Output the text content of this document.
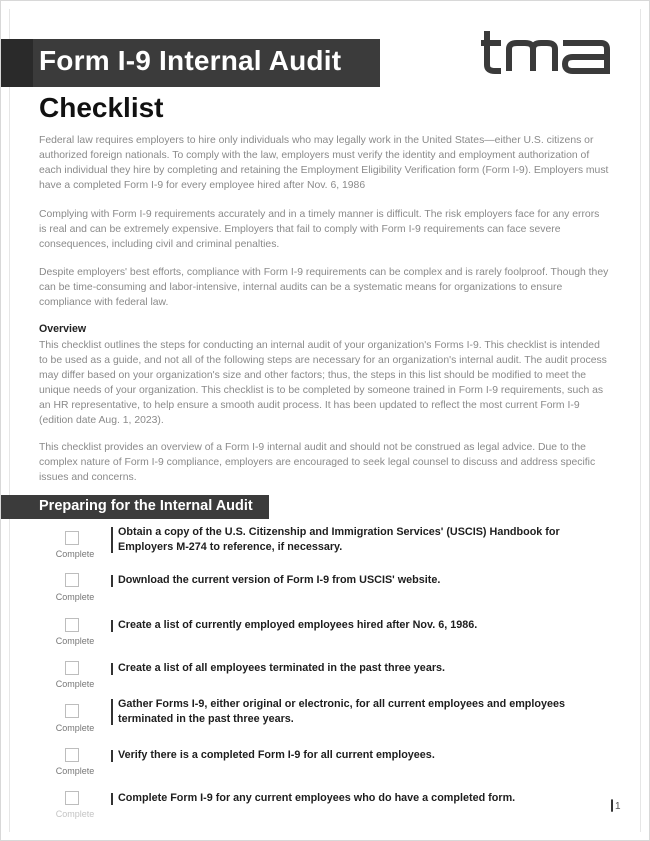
Form I-9 Internal Audit
Checklist
Federal law requires employers to hire only individuals who may legally work in the United States—either U.S. citizens or authorized foreign nationals. To comply with the law, employers must verify the identity and employment authorization of each individual they hire by completing and retaining the Employment Eligibility Verification form (Form I-9). Employers must have a completed Form I-9 for every employee hired after Nov. 6, 1986
Complying with Form I-9 requirements accurately and in a timely manner is difficult. The risk employers face for any errors is real and can be extremely expensive. Employers that fail to comply with Form I-9 requirements can face severe consequences, including civil and criminal penalties.
Despite employers' best efforts, compliance with Form I-9 requirements can be complex and is rarely foolproof. Though they can be time-consuming and labor-intensive, internal audits can be a systematic means for organizations to ensure compliance with federal law.
Overview
This checklist outlines the steps for conducting an internal audit of your organization's Forms I-9. This checklist is intended to be used as a guide, and not all of the following steps are necessary for an organization's internal audit. The audit process may differ based on your organization's size and other factors; thus, the steps in this list should be modified to meet the unique needs of your organization. This checklist is to be completed by someone trained in Form I-9 requirements, such as an HR representative, to help ensure a smooth audit process. It has been updated to reflect the most current Form I-9 (edition date Aug. 1, 2023).
This checklist provides an overview of a Form I-9 internal audit and should not be construed as legal advice. Due to the complex nature of Form I-9 compliance, employers are encouraged to seek legal counsel to discuss and address specific issues and concerns.
Preparing for the Internal Audit
Complete
Obtain a copy of the U.S. Citizenship and Immigration Services' (USCIS) Handbook for Employers M-274 to reference, if necessary.
Complete
Download the current version of Form I-9 from USCIS' website.
Complete
Create a list of currently employed employees hired after Nov. 6, 1986.
Complete
Create a list of all employees terminated in the past three years.
Complete
Gather Forms I-9, either original or electronic, for all current employees and employees terminated in the past three years.
Complete
Verify there is a completed Form I-9 for all current employees.
Complete
Complete Form I-9 for any current employees who do have a completed form.
┃1
